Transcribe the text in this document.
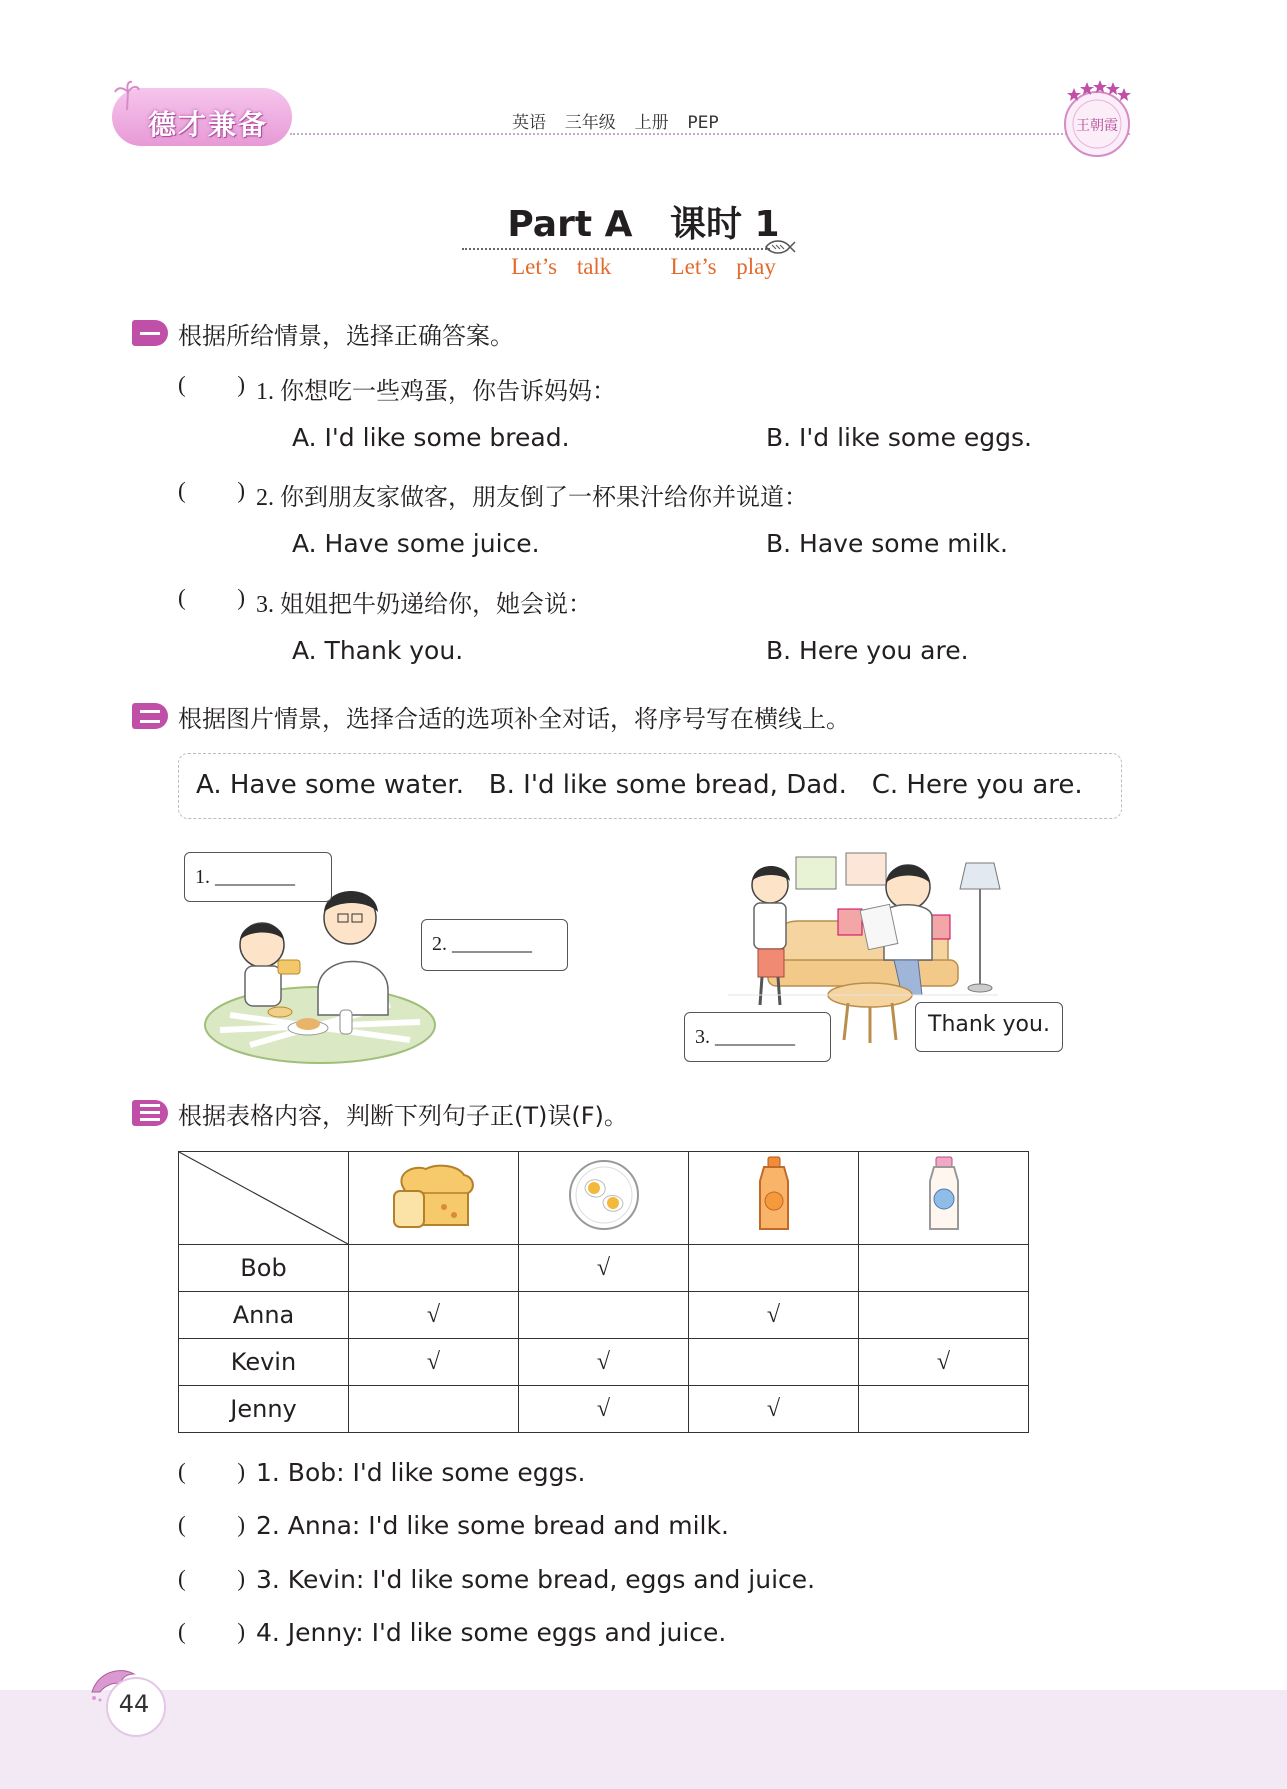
德才兼备	英语  三年级  上册  PEP	王朝霞
Part A   课时 1
Let’s talk   Let’s play
根据所给情景，选择正确答案。
(         ) 1. 你想吃一些鸡蛋，你告诉妈妈：
A. I'd like some bread.	B. I'd like some eggs.
(         ) 2. 你到朋友家做客，朋友倒了一杯果汁给你并说道：
A. Have some juice.	B. Have some milk.
(         ) 3. 姐姐把牛奶递给你，她会说：
A. Thank you.	B. Here you are.
根据图片情景，选择合适的选项补全对话，将序号写在横线上。
A. Have some water.   B. I'd like some bread, Dad.   C. Here you are.
1. ________
2. ________
3. ________	Thank you.
根据表格内容，判断下列句子正(T)误(F)。

Bob		√		
Anna	√		√	
Kevin	√	√		√
Jenny		√	√	
(         ) 1. Bob: I'd like some eggs.
(         ) 2. Anna: I'd like some bread and milk.
(         ) 3. Kevin: I'd like some bread, eggs and juice.
(         ) 4. Jenny: I'd like some eggs and juice.
44
